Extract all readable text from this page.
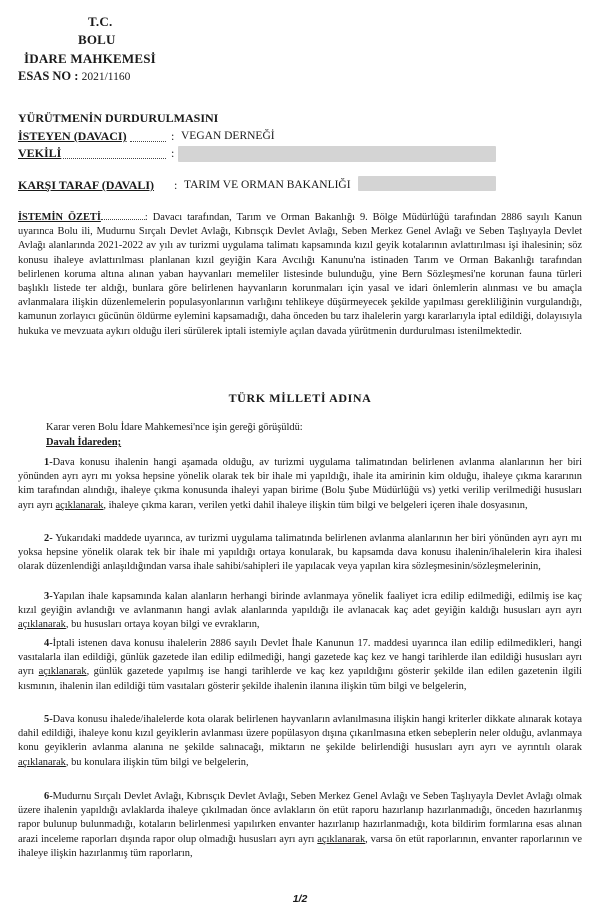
T.C.
BOLU
İDARE MAHKEMESİ
ESAS NO : 2021/1160
YÜRÜTMENİN DURDURULMASINI
İSTEYEN (DAVACI)	: VEGAN DERNEĞİ
VEKİLİ	:
KARŞI TARAF (DAVALI) : TARIM VE ORMAN BAKANLIĞI
İSTEMİN ÖZETİ	: Davacı tarafından, Tarım ve Orman Bakanlığı 9. Bölge Müdürlüğü tarafından 2886 sayılı Kanun uyarınca Bolu ili, Mudurnu Sırçalı Devlet Avlağı, Kıbrısçık Devlet Avlağı, Seben Merkez Genel Avlağı ve Seben Taşlıyayla Devlet Avlağı alanlarında 2021-2022 av yılı av turizmi uygulama talimatı kapsamında kızıl geyik kotalarının avlattırılması işi ihalesinin; söz konusu ihaleye avlattırılması planlanan kızıl geyiğin Kara Avcılığı Kanunu'na istinaden Tarım ve Orman Bakanlığı tarafından belirlenen koruma altına alınan yaban hayvanları memeliler listesinde bulunduğu, yine Bern Sözleşmesi'ne korunan fauna türleri başlıklı listede ter aldığı, bunlara göre belirlenen hayvanların korunmaları için yasal ve idari önlemlerin alınması ve bu amaçla avlanmalara ilişkin düzenlemelerin populasyonlarının varlığını tehlikeye düşürmeyecek şekilde yapılması gerekliliğinin vurgulandığı, kamunun zorlayıcı gücünün öldürme eylemini kapsamadığı, daha önceden bu tarz ihalelerin yargı kararlarıyla iptal edildiği, dolayısıyla hukuka ve mevzuata aykırı olduğu ileri sürülerek iptali istemiyle açılan davada yürütmenin durdurulması istenilmektedir.
TÜRK MİLLETİ ADINA
Karar veren Bolu İdare Mahkemesi'nce işin gereği görüşüldü:
Davalı İdareden;
1-Dava konusu ihalenin hangi aşamada olduğu, av turizmi uygulama talimatından belirlenen avlanma alanlarının her biri yönünden ayrı ayrı mı yoksa hepsine yönelik olarak tek bir ihale mi yapıldığı, ihale ita amirinin kim olduğu, ihaleye çıkma kararının kim tarafından alındığı, ihaleye çıkma konusunda ihaleyi yapan birime (Bolu Şube Müdürlüğü vs) yetki verilip verilmediği hususları ayrı ayrı açıklanarak, ihaleye çıkma kararı, verilen yetki dahil ihaleye ilişkin tüm bilgi ve belgeleri içeren ihale dosyasının,
2- Yukarıdaki maddede uyarınca, av turizmi uygulama talimatında belirlenen avlanma alanlarının her biri yönünden ayrı ayrı mı yoksa hepsine yönelik olarak tek bir ihale mi yapıldığı ortaya konularak, bu kapsamda dava konusu ihalenin/ihalelerin kira ihalesi olarak düzenlendiği anlaşıldığından varsa ihale sahibi/sahipleri ile yapılacak veya yapılan kira sözleşmesinin/sözleşmelerinin,
3-Yapılan ihale kapsamında kalan alanların herhangi birinde avlanmaya yönelik faaliyet icra edilip edilmediği, edilmiş ise kaç kızıl geyiğin avlandığı ve avlanmanın hangi avlak alanlarında yapıldığı ile avlanacak kaç adet geyiğin kaldığı hususları ayrı ayrı açıklanarak, bu hususları ortaya koyan bilgi ve evrakların,
4-İptali istenen dava konusu ihalelerin 2886 sayılı Devlet İhale Kanunun 17. maddesi uyarınca ilan edilip edilmedikleri, hangi vasıtalarla ilan edildiği, günlük gazetede ilan edilip edilmediği, hangi gazetede kaç kez ve hangi tarihlerde ilan edildiği hususları ayrı ayrı açıklanarak, günlük gazetede yapılmış ise hangi tarihlerde ve kaç kez yapıldığını gösterir şekilde ilan edilen gazetenin ilgili kısmının, ihalenin ilan edildiği tüm vasıtaları gösterir şekilde ihalenin ilanına ilişkin tüm bilgi ve belgelerin,
5-Dava konusu ihalede/ihalelerde kota olarak belirlenen hayvanların avlanılmasına ilişkin hangi kriterler dikkate alınarak kotaya dahil edildiği, ihaleye konu kızıl geyiklerin avlanması üzere popülasyon dışına çıkarılmasına etken sebeplerin neler olduğu, avlanmaya konu geyiklerin avlanma alanına ne şekilde salınacağı, miktarın ne şekilde belirlendiği hususları ayrı ayrı ve ayrıntılı olarak açıklanarak, bu konulara ilişkin tüm bilgi ve belgelerin,
6-Mudurnu Sırçalı Devlet Avlağı, Kıbrısçık Devlet Avlağı, Seben Merkez Genel Avlağı ve Seben Taşlıyayla Devlet Avlağı olmak üzere ihalenin yapıldığı avlaklarda ihaleye çıkılmadan önce avlakların ön etüt raporu hazırlanıp hazırlanmadığı, önceden hazırlanmış rapor bulunup bulunmadığı, kotaların belirlenmesi yapılırken envanter hazırlanıp hazırlanmadığı, kota bildirim formlarına esas alınan arazi inceleme raporları dışında rapor olup olmadığı hususları ayrı ayrı açıklanarak, varsa ön etüt raporlarının, envanter raporlarının ve ihaleye ilişkin hazırlanmış tüm raporların,
1/2
